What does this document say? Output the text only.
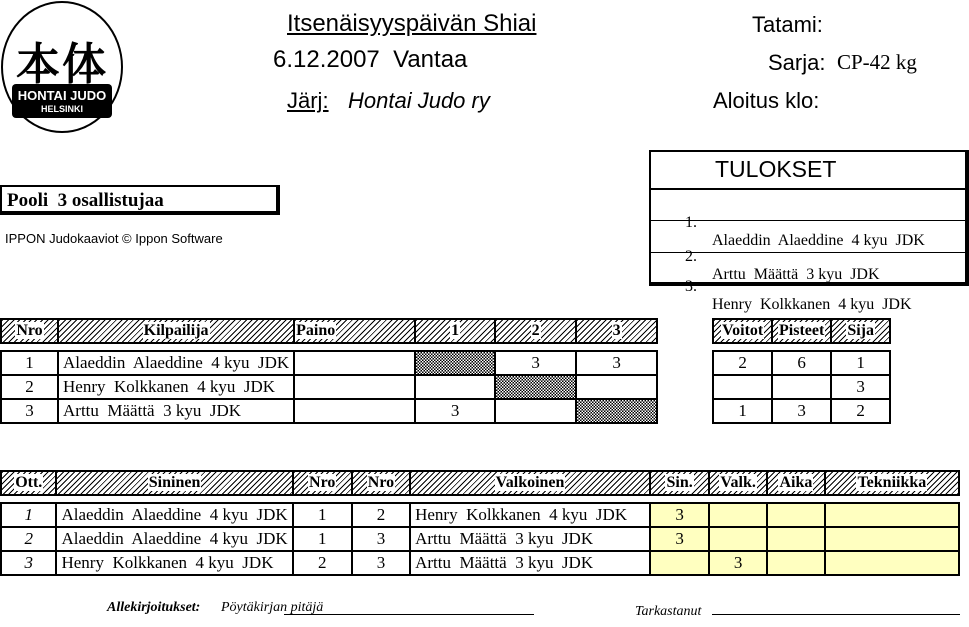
本体
HONTAI JUDO
HELSINKI
Itsenäisyyspäivän Shiai
6.12.2007  Vantaa
Järj: Hontai Judo ry
Tatami:
Sarja: CP-42 kg
Aloitus klo:
Pooli  3 osallistujaa
IPPON Judokaaviot © Ippon Software
TULOKSET

1.

Alaeddin  Alaeddine  4 kyu  JDK

2.

Arttu  Määttä  3 kyu  JDK

3.

Henry  Kolkkanen  4 kyu  JDK

Nro	Kilpailija	Paino	1	2	3		Voitot	Pisteet	Sija

1	Alaeddin  Alaeddine  4 kyu  JDK			3	3		2	6	1
2	Henry  Kolkkanen  4 kyu  JDK								3
3	Arttu  Määttä  3 kyu  JDK		3				1	3	2
Ott.	Sininen	Nro	Nro	Valkoinen	Sin.	Valk.	Aika	Tekniikka

1	Alaeddin  Alaeddine  4 kyu  JDK	1	2	Henry  Kolkkanen  4 kyu  JDK	3			
2	Alaeddin  Alaeddine  4 kyu  JDK	1	3	Arttu  Määttä  3 kyu  JDK	3			
3	Henry  Kolkkanen  4 kyu  JDK	2	3	Arttu  Määttä  3 kyu  JDK		3		
Allekirjoitukset: Pöytäkirjan pitäjä	Tarkastanut
